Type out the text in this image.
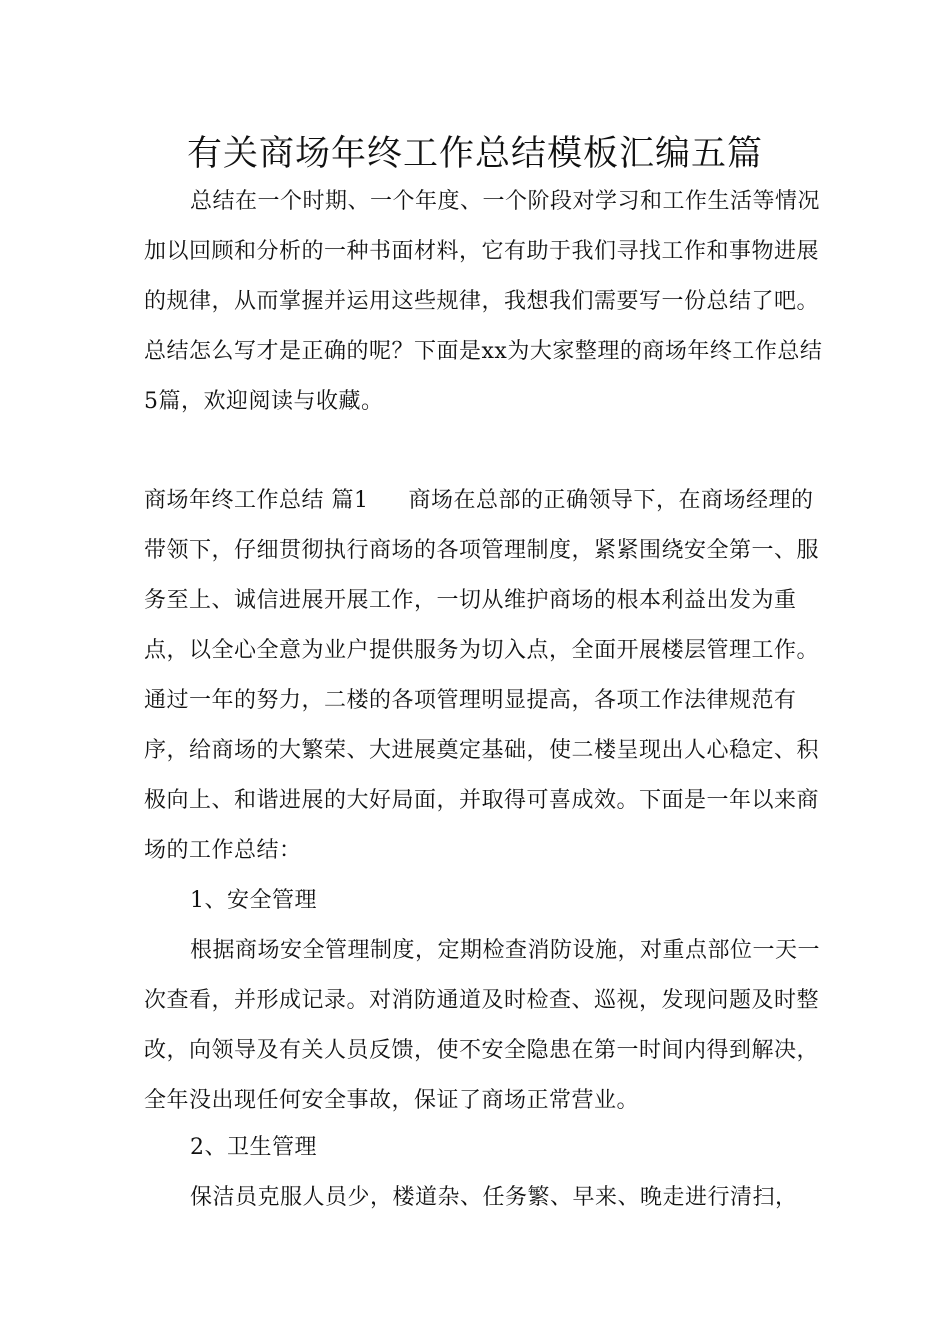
有关商场年终工作总结模板汇编五篇

总结在一个时期、一个年度、一个阶段对学习和工作生活等情况加以回顾和分析的一种书面材料，它有助于我们寻找工作和事物进展的规律，从而掌握并运用这些规律，我想我们需要写一份总结了吧。总结怎么写才是正确的呢？下面是xx为大家整理的商场年终工作总结5篇，欢迎阅读与收藏。

商场年终工作总结 篇1 商场在总部的正确领导下，在商场经理的带领下，仔细贯彻执行商场的各项管理制度，紧紧围绕安全第一、服务至上、诚信进展开展工作，一切从维护商场的根本利益出发为重点，以全心全意为业户提供服务为切入点，全面开展楼层管理工作。通过一年的努力，二楼的各项管理明显提高，各项工作法律规范有序，给商场的大繁荣、大进展奠定基础，使二楼呈现出人心稳定、积极向上、和谐进展的大好局面，并取得可喜成效。下面是一年以来商场的工作总结：

1、安全管理

根据商场安全管理制度，定期检查消防设施，对重点部位一天一次查看，并形成记录。对消防通道及时检查、巡视，发现问题及时整改，向领导及有关人员反馈，使不安全隐患在第一时间内得到解决，全年没出现任何安全事故，保证了商场正常营业。

2、卫生管理

保洁员克服人员少，楼道杂、任务繁、早来、晚走进行清扫，
